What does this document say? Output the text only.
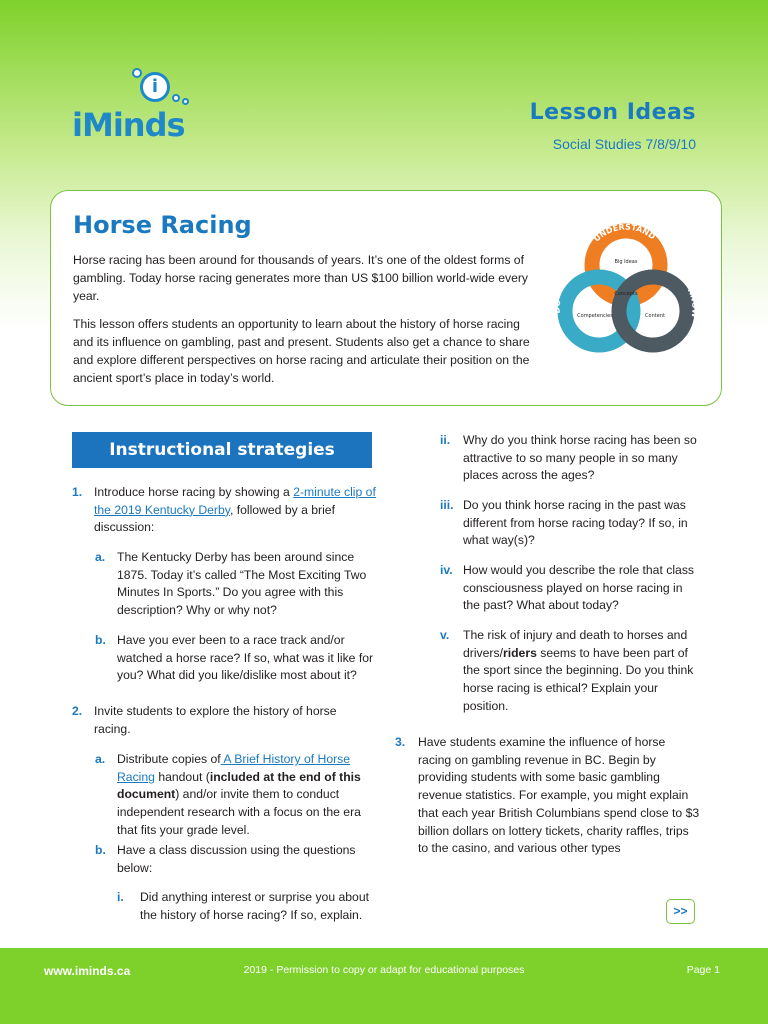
i
iMinds	Lesson Ideas
Social Studies 7/8/9/10
Horse Racing
Horse racing has been around for thousands of years. It’s one of the oldest forms of gambling. Today horse racing generates more than US $100 billion world-wide every year.
This lesson offers students an opportunity to learn about the history of horse racing and its influence on gambling, past and present. Students also get a chance to share and explore different perspectives on horse racing and articulate their position on the ancient sport’s place in today’s world.
UNDERSTAND
DO
KNOW
Big Ideas
Concepts
Competencies	Content
Instructional strategies
1. Introduce horse racing by showing a 2-minute clip of the 2019 Kentucky Derby, followed by a brief discussion:
a. The Kentucky Derby has been around since 1875. Today it’s called “The Most Exciting Two Minutes In Sports.” Do you agree with this description? Why or why not?
b. Have you ever been to a race track and/or watched a horse race? If so, what was it like for you? What did you like/dislike most about it?
2. Invite students to explore the history of horse racing.
a. Distribute copies of A Brief History of Horse Racing handout (included at the end of this document) and/or invite them to conduct independent research with a focus on the era that fits your grade level.
b. Have a class discussion using the questions below:
i. Did anything interest or surprise you about the history of horse racing? If so, explain.
ii. Why do you think horse racing has been so attractive to so many people in so many places across the ages?
iii. Do you think horse racing in the past was different from horse racing today? If so, in what way(s)?
iv. How would you describe the role that class consciousness played on horse racing in the past? What about today?
v. The risk of injury and death to horses and drivers/riders seems to have been part of the sport since the beginning. Do you think horse racing is ethical? Explain your position.
3. Have students examine the influence of horse racing on gambling revenue in BC. Begin by providing students with some basic gambling revenue statistics. For example, you might explain that each year British Columbians spend close to $3 billion dollars on lottery tickets, charity raffles, trips to the casino, and various other types
>>
www.iminds.ca	2019 - Permission to copy or adapt for educational purposes	Page 1
